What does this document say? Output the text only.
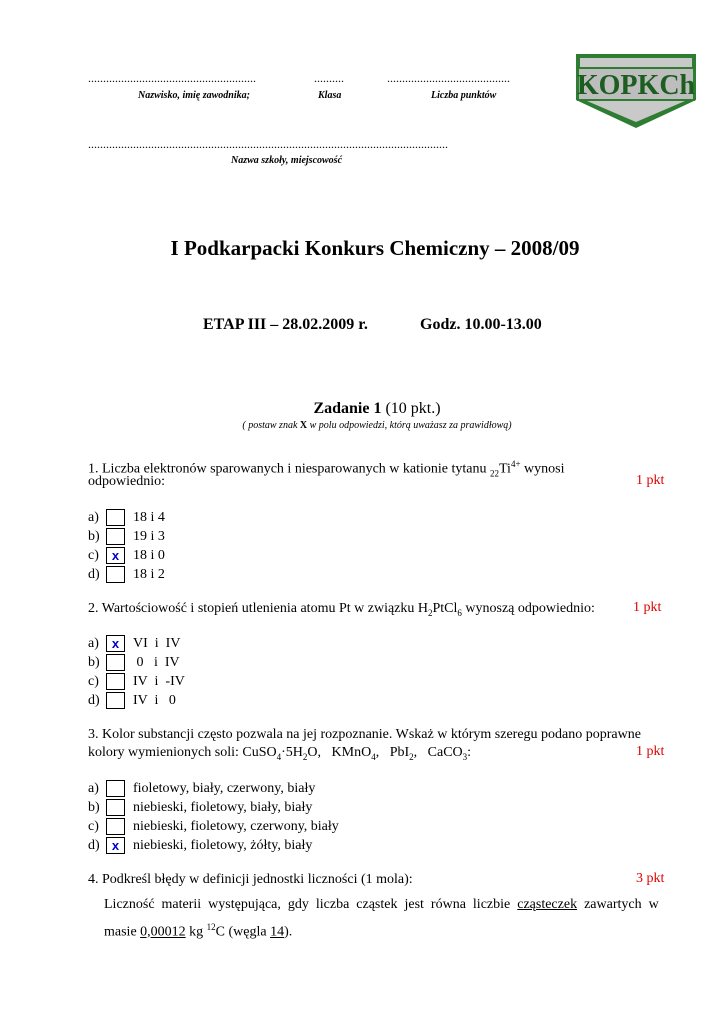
........................................................	..........	.........................................
Nazwisko, imię zawodnika;	Klasa	Liczba punktów
........................................................................................................................
Nazwa szkoły, miejscowość
KOPKCh
I Podkarpacki Konkurs Chemiczny – 2008/09
ETAP III – 28.02.2009 r.	Godz. 10.00-13.00
Zadanie 1 (10 pkt.)
( postaw znak X w polu odpowiedzi, którą uważasz za prawidłową)
1. Liczba elektronów sparowanych i niesparowanych w kationie tytanu $_{22}Ti^{4+}$ wynosi
odpowiednio:	1 pkt
a)	18 i 4
b)	19 i 3
c) x 18 i 0
d)	18 i 2
2. Wartościowość i stopień utlenienia atomu Pt w związku $H_2PtCl_6$ wynoszą odpowiednio:	1 pkt
a) x VI  i  IV
b)	0   i  IV
c)	IV  i  -IV
d)	IV  i   0
3. Kolor substancji często pozwala na jej rozpoznanie. Wskaż w którym szeregu podano poprawne
kolory wymienionych soli: $CuSO_4\cdot 5H_2O$,   KMnO$_4$,   PbI$_2$,   CaCO$_3$:	1 pkt
a)	fioletowy, biały, czerwony, biały
b)	niebieski, fioletowy, biały, biały
c)	niebieski, fioletowy, czerwony, biały
d) x niebieski, fioletowy, żółty, biały
4. Podkreśl błędy w definicji jednostki liczności (1 mola):	3 pkt
Liczność  materii  występująca,  gdy  liczba  cząstek  jest  równa  liczbie  cząsteczek  zawartych  w
masie 0,00012 kg $^{12}$C (węgla 14).
